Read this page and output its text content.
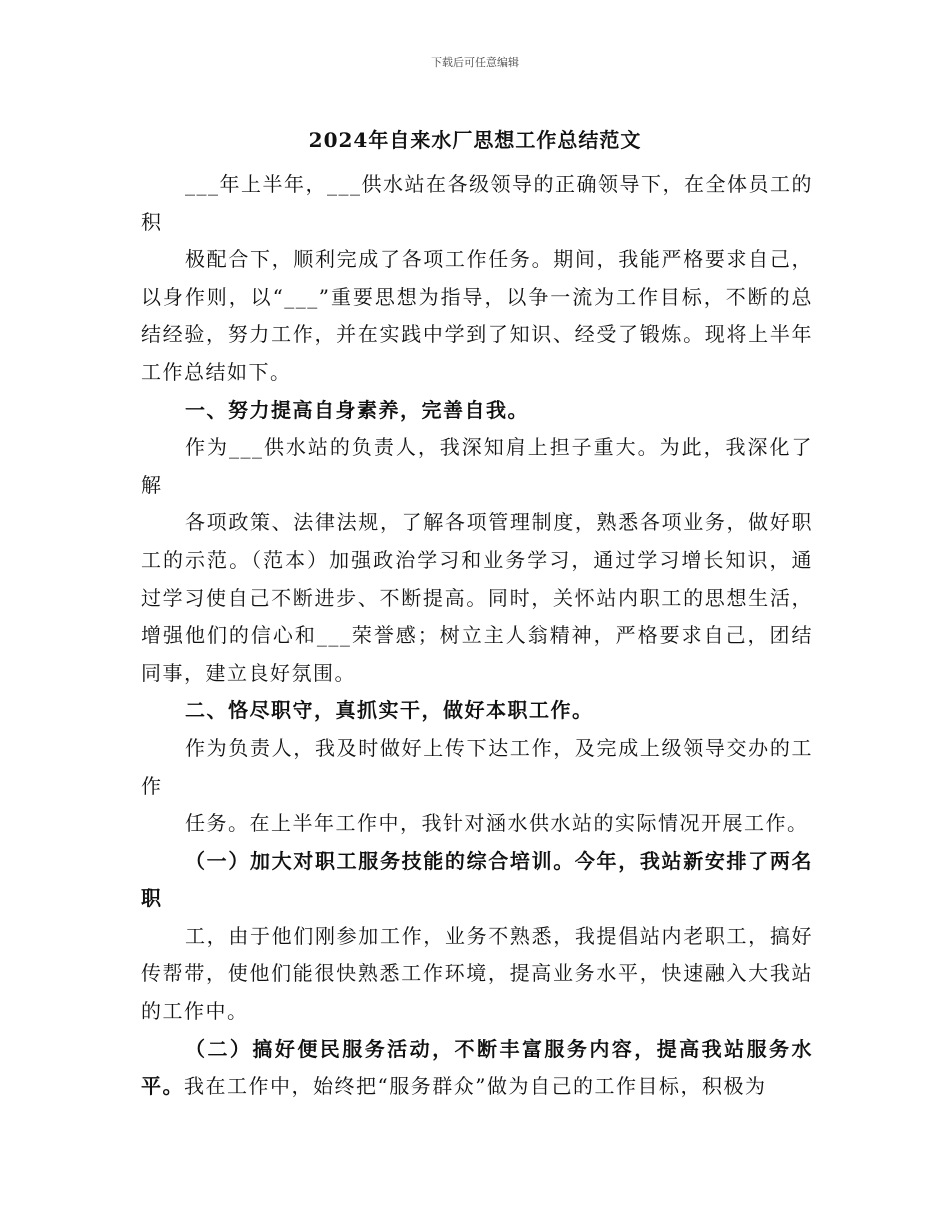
下载后可任意编辑
2024年自来水厂思想工作总结范文

___年上半年，___供水站在各级领导的正确领导下，在全体员工的积

极配合下，顺利完成了各项工作任务。期间，我能严格要求自己，以身作则，以“___”重要思想为指导，以争一流为工作目标，不断的总结经验，努力工作，并在实践中学到了知识、经受了锻炼。现将上半年工作总结如下。

一、努力提高自身素养，完善自我。

作为___供水站的负责人，我深知肩上担子重大。为此，我深化了解

各项政策、法律法规，了解各项管理制度，熟悉各项业务，做好职工的示范。（范本）加强政治学习和业务学习，通过学习增长知识，通过学习使自己不断进步、不断提高。同时，关怀站内职工的思想生活，增强他们的信心和___荣誉感；树立主人翁精神，严格要求自己，团结同事，建立良好氛围。

二、恪尽职守，真抓实干，做好本职工作。

作为负责人，我及时做好上传下达工作，及完成上级领导交办的工作

任务。在上半年工作中，我针对涵水供水站的实际情况开展工作。

（一）加大对职工服务技能的综合培训。今年，我站新安排了两名职

工，由于他们刚参加工作，业务不熟悉，我提倡站内老职工，搞好传帮带，使他们能很快熟悉工作环境，提高业务水平，快速融入大我站的工作中。

（二）搞好便民服务活动，不断丰富服务内容，提高我站服务水平。我在工作中，始终把“服务群众”做为自己的工作目标，积极为
